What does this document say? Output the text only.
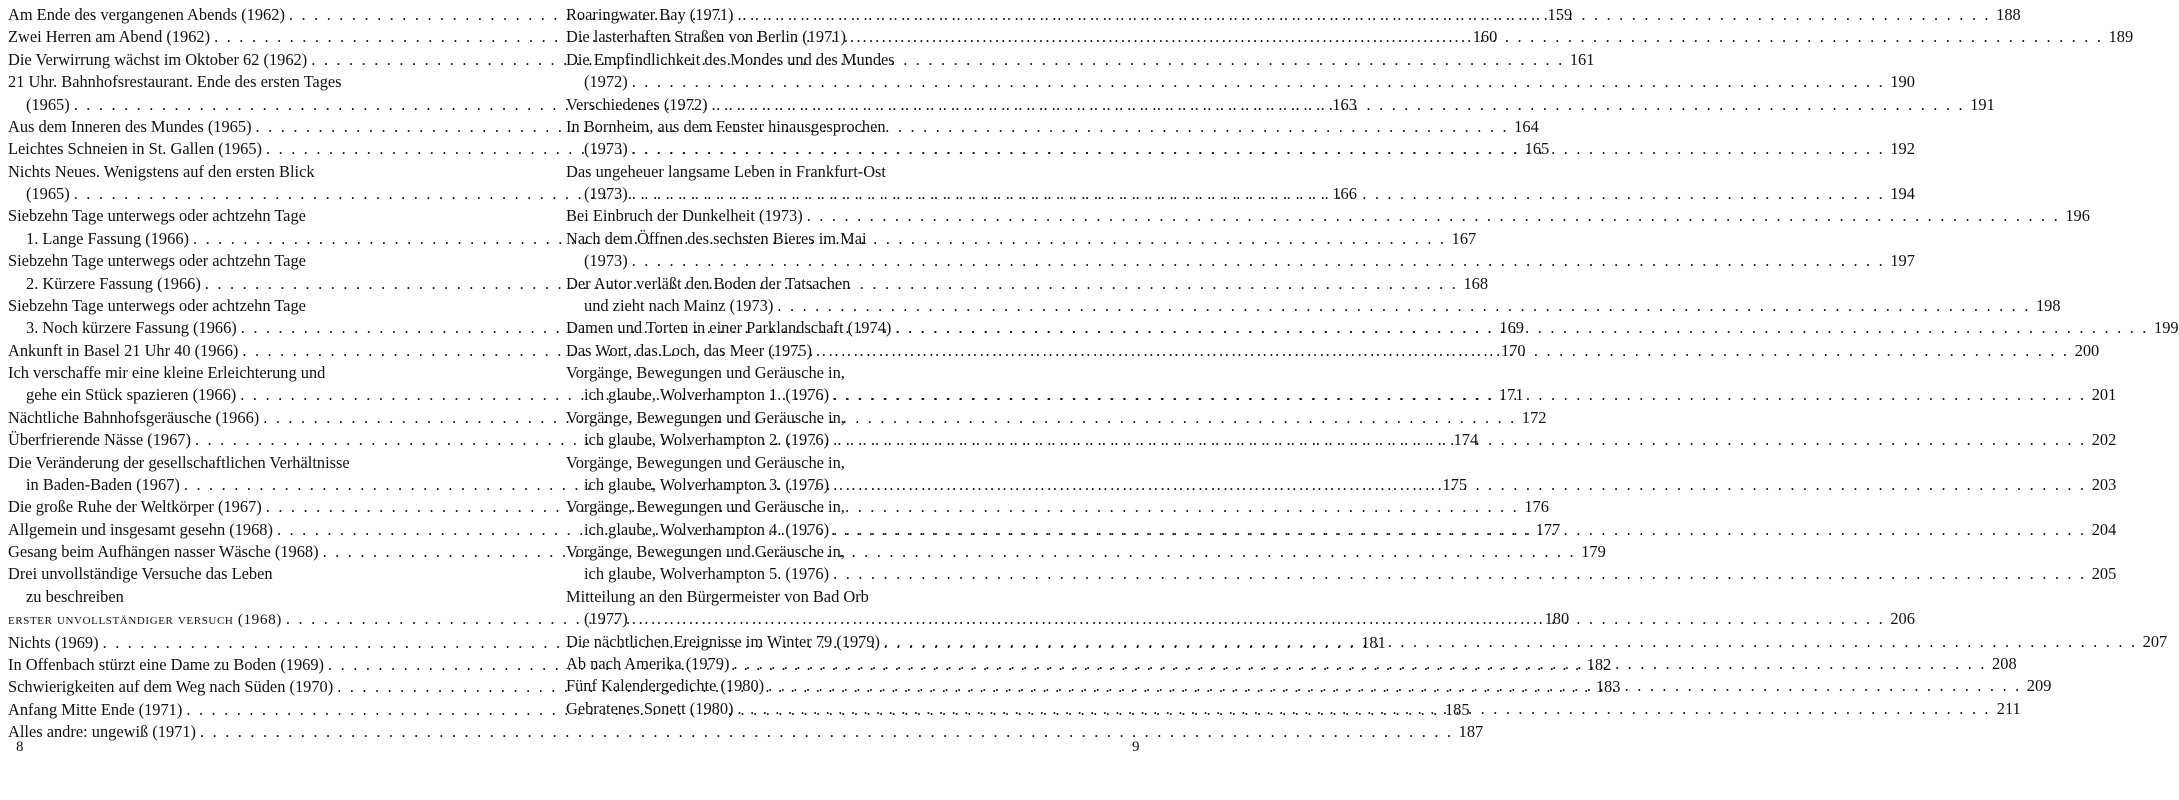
Am Ende des vergangenen Abends (1962) . . .	159
Zwei Herren am Abend (1962) . . .	160
Die Verwirrung wächst im Oktober 62 (1962) . . .	161
21 Uhr. Bahnhofsrestaurant. Ende des ersten Tages
(1965) . . .	163
Aus dem Inneren des Mundes (1965) . . .	164
Leichtes Schneien in St. Gallen (1965) . . .	165
Nichts Neues. Wenigstens auf den ersten Blick
(1965) . . .	166
Siebzehn Tage unterwegs oder achtzehn Tage
1. Lange Fassung (1966) . . .	167
Siebzehn Tage unterwegs oder achtzehn Tage
2. Kürzere Fassung (1966) . . .	168
Siebzehn Tage unterwegs oder achtzehn Tage
3. Noch kürzere Fassung (1966) . . .	169
Ankunft in Basel 21 Uhr 40 (1966) . . .	170
Ich verschaffe mir eine kleine Erleichterung und
gehe ein Stück spazieren (1966) . . .	171
Nächtliche Bahnhofsgeräusche (1966) . . .	172
Überfrierende Nässe (1967) . . .	174
Die Veränderung der gesellschaftlichen Verhältnisse
in Baden-Baden (1967) . . .	175
Die große Ruhe der Weltkörper (1967) . . .	176
Allgemein und insgesamt gesehn (1968) . . .	177
Gesang beim Aufhängen nasser Wäsche (1968) . . .	179
Drei unvollständige Versuche das Leben
zu beschreiben
erster unvollständiger versuch (1968) . . .	180
Nichts (1969) . . .	181
In Offenbach stürzt eine Dame zu Boden (1969) . . .	182
Schwierigkeiten auf dem Weg nach Süden (1970) . . .	183
Anfang Mitte Ende (1971) . . .	185
Alles andre: ungewiß (1971) . . .	187
8
Roaringwater Bay (1971) . . .	188
Die lasterhaften Straßen von Berlin (1971) . . .	189
Die Empfindlichkeit des Mondes und des Mundes
(1972) . . .	190
Verschiedenes (1972) . . .	191
In Bornheim, aus dem Fenster hinausgesprochen
(1973) . . .	192
Das ungeheuer langsame Leben in Frankfurt-Ost
(1973) . . .	194
Bei Einbruch der Dunkelheit (1973) . . .	196
Nach dem Öffnen des sechsten Bieres im Mai
(1973) . . .	197
Der Autor verläßt den Boden der Tatsachen
und zieht nach Mainz (1973) . . .	198
Damen und Torten in einer Parklandschaft (1974) . . .	199
Das Wort, das Loch, das Meer (1975) . . .	200
Vorgänge, Bewegungen und Geräusche in,
ich glaube, Wolverhampton 1. (1976) . . .	201
Vorgänge, Bewegungen und Geräusche in,
ich glaube, Wolverhampton 2. (1976) . . .	202
Vorgänge, Bewegungen und Geräusche in,
ich glaube, Wolverhampton 3. (1976) . . .	203
Vorgänge, Bewegungen und Geräusche in,
ich glaube, Wolverhampton 4. (1976) . . .	204
Vorgänge, Bewegungen und Geräusche in,
ich glaube, Wolverhampton 5. (1976) . . .	205
Mitteilung an den Bürgermeister von Bad Orb
(1977) . . .	206
Die nächtlichen Ereignisse im Winter 79 (1979) . . .	207
Ab nach Amerika (1979) . . .	208
Fünf Kalendergedichte (1980) . . .	209
Gebratenes Sonett (1980) . . .	211
9
